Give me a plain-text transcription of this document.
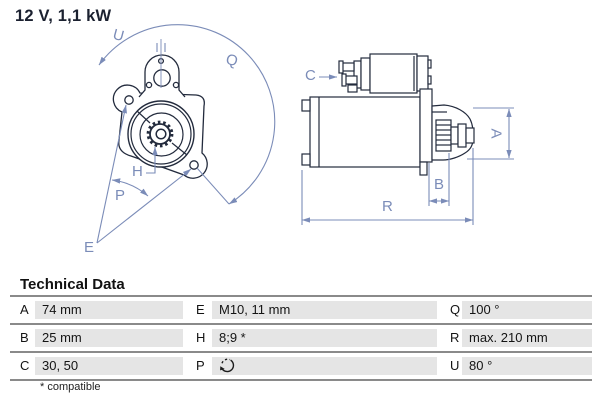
12 V, 1,1 kW
U
Q
H
P
E
C
A
B
R
Technical Data
A	74 mm	E	M10, 11 mm	Q 100 °
B	25 mm	H	8;9 *	R max. 210 mm
C 30, 50	P	U 80 °
* compatible
